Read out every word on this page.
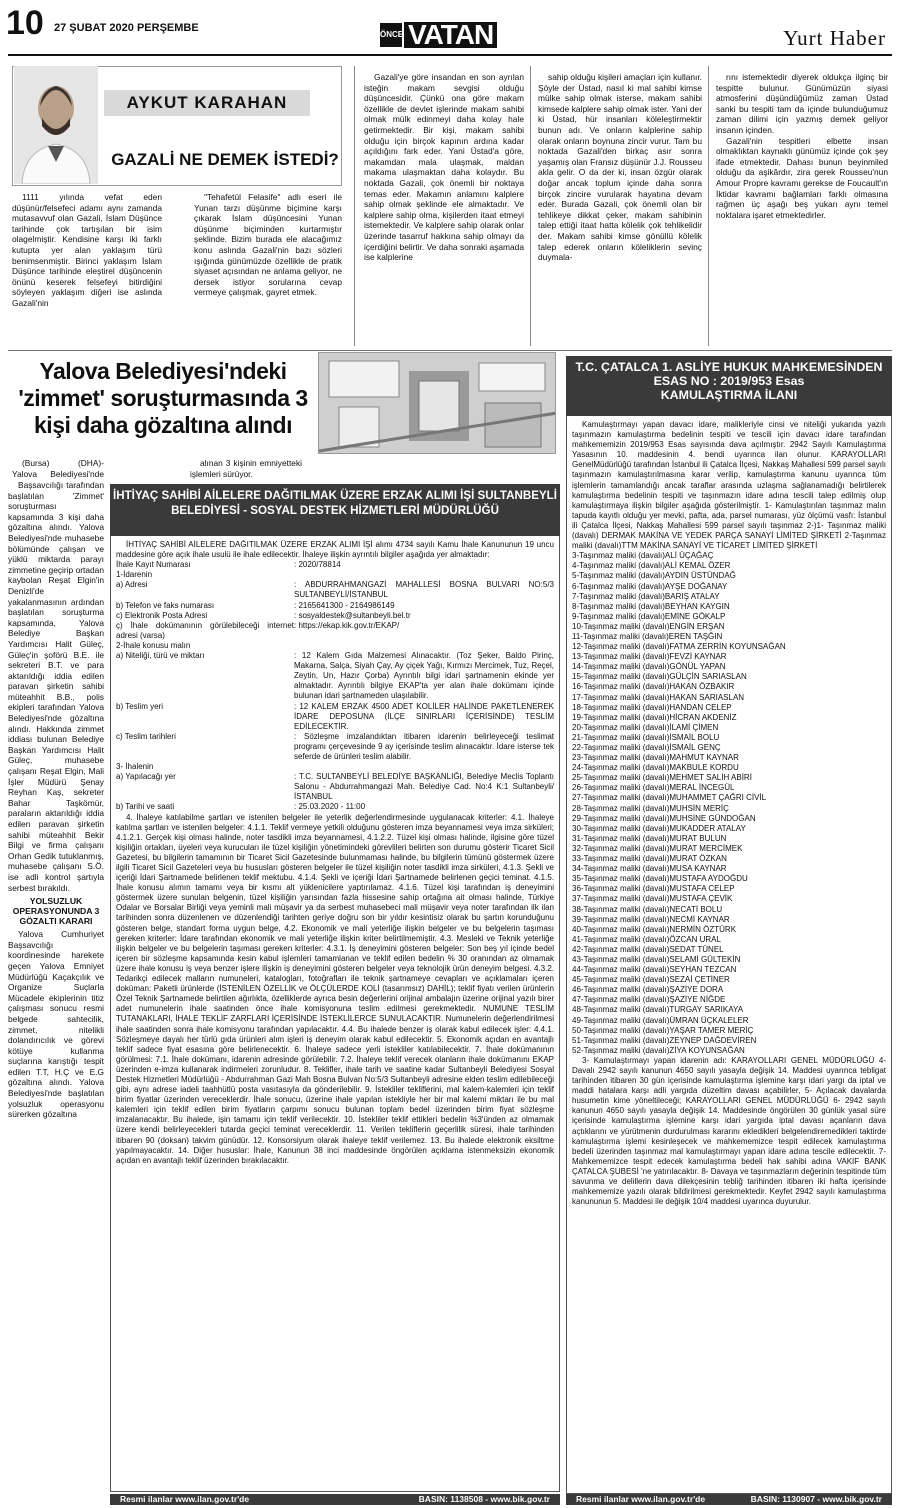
10 27 ŞUBAT 2020 PERŞEMBE
ÖNCE VATAN	Yurt Haber
AYKUT KARAHAN
GAZALİ NE DEMEK İSTEDİ?

1111 yılında vefat eden düşünür/felsefeci adamı aynı zamanda mutasavvuf olan Gazali, İslam Düşünce tarihinde çok tartışılan bir isim olagelmiştir. Kendisine karşı iki farklı kutupta yer alan yaklaşım türü benimsenmiştir. Birinci yaklaşım İslam Düşünce tarihinde eleştirel düşüncenin önünü keserek felsefeyi bitirdiğini söyleyen yaklaşım diğeri ise aslında Gazali'nin

"Tehafetül Felasife" adlı eseri ile Yunan tarzı düşünme biçimine karşı çıkarak İslam düşüncesini Yunan düşünme biçiminden kurtarmıştır şeklinde. Bizim burada ele alacağımız konu aslında Gazali'nin bazı sözleri ışığında günümüzde özellikle de pratik siyaset açısından ne anlama geliyor, ne dersek istiyor sorularına cevap vermeye çalışmak, gayret etmek.

Gazali'ye göre insandan en son ayrılan isteğin makam sevgisi olduğu düşüncesidir. Çünkü ona göre makam özellikle de devlet işlerinde makam sahibi olmak mülk edinmeyi daha kolay hale getirmektedir. Bir kişi, makam sahibi olduğu için birçok kapının ardına kadar açıldığını fark eder. Yani Üstad'a göre, makamdan mala ulaşmak, maldan makama ulaşmaktan daha kolaydır. Bu noktada Gazali, çok önemli bir noktaya temas eder. Makamın anlamını kalplere sahip olmak şeklinde ele almaktadır. Ve kalplere sahip olma, kişilerden itaat etmeyi istemektedir. Ve kalplere sahip olarak onlar üzerinde tasarruf hakkına sahip olmayı da içerdiğini belirtir. Ve daha sonraki aşamada ise kalplerine

sahip olduğu kişileri amaçları için kullanır. Şöyle der Üstad, nasıl ki mal sahibi kimse mülke sahip olmak isterse, makam sahibi kimsede kalplere sahip olmak ister. Yani der ki Üstad, hür insanları köleleştirmektir bunun adı. Ve onların kalplerine sahip olarak onların boynuna zincir vurur. Tam bu noktada Gazali'den birkaç asır sonra yaşamış olan Fransız düşünür J.J. Rousseu akla gelir. O da der ki, insan özgür olarak doğar ancak toplum içinde daha sonra birçok zincire vurularak hayatına devam eder. Burada Gazali, çok önemli olan bir tehlikeye dikkat çeker, makam sahibinin talep ettiği itaat hatta kölelik çok tehlikelidir der. Makam sahibi kimse gönüllü kölelik talep ederek onların köleliklerin sevinç duymala-

rını istemektedir diyerek oldukça ilginç bir tespitte bulunur. Günümüzün siyasi atmosferini düşündüğümüz zaman Üstad sanki bu tespiti tam da içinde bulunduğumuz zaman dilimi için yazmış demek geliyor insanın içinden.

Gazali'nin tespitleri elbette insan olmaklıktan kaynaklı günümüz içinde çok şey ifade etmektedir. Dahası bunun beyinmiled olduğu da aşikârdır, zira gerek Rousseu'nun Amour Propre kavramı gerekse de Foucault'ın İktidar kavramı bağlamları farklı olmasına rağmen üç aşağı beş yukarı aynı temel noktalara işaret etmektedirler.

Yalova Belediyesi'ndeki 'zimmet' soruşturmasında 3 kişi daha gözaltına alındı

(Bursa) (DHA)- Yalova Belediyesi'nde

alınan 3 kişinin emniyetteki işlemleri sürüyor.

Başsavcılığı tarafından başlatılan 'Zimmet' soruşturması kapsamında 3 kişi daha gözaltına alındı. Yalova Belediyesi'nde muhasebe bölümünde çalışan ve yüklü miktarda parayı zimmetine geçirip ortadan kaybolan Reşat Elgin'in Denizli'de yakalanmasının ardından başlatılan soruşturma kapsamında, Yalova Belediye Başkan Yardımcısı Halit Güleç, Güleç'in şoförü B.E. ile sekreteri B.T. ve para aktarıldığı iddia edilen paravan şirketin sahibi müteahhit B.B., polis ekipleri tarafından Yalova Belediyesi'nde gözaltına alındı. Hakkında zimmet iddiası bulunan Belediye Başkan Yardımcısı Halit Güleç, muhasebe çalışanı Reşat Elgin, Mali İşler Müdürü Şenay Reyhan Kaş, sekreter Bahar Taşkömür, paraların aktarıldığı iddia edilen paravan şirketin sahibi müteahhit Bekir Bilgi ve firma çalışanı Orhan Gedik tutuklanmış, muhasebe çalışanı S.Ö. ise adli kontrol şartıyla serbest bırakıldı.

YOLSUZLUK OPERASYONUNDA 3 GÖZALTI KARARI

Yalova Cumhuriyet Başsavcılığı koordinesinde harekete geçen Yalova Emniyet Müdürlüğü Kaçakçılık ve Organize Suçlarla Mücadele ekiplerinin titiz çalışması sonucu resmi belgede sahtecilik, zimmet, nitelikli dolandırıcılık ve görevi kötüye kullanma suçlarına karıştığı tespit edilen T.T, H.Ç ve E.G gözaltına alındı. Yalova Belediyesi'nde başlatılan yolsuzluk operasyonu sürerken gözaltına

İHTİYAÇ SAHİBİ AİLELERE DAĞITILMAK ÜZERE ERZAK ALIMI İŞİ SULTANBEYLİ BELEDİYESİ - SOSYAL DESTEK HİZMETLERİ MÜDÜRLÜĞÜ

İHTİYAÇ SAHİBİ AİLELERE DAĞITILMAK ÜZERE ERZAK ALIMI İŞİ alımı 4734 sayılı Kamu İhale Kanununun 19 uncu maddesine göre açık ihale usulü ile ihale edilecektir. İhaleye ilişkin ayrıntılı bilgiler aşağıda yer almaktadır:

İhale Kayıt Numarası	: 2020/78814
1-İdarenin
a) Adresi	: ABDURRAHMANGAZİ MAHALLESİ BOSNA BULVARI NO:5/3 SULTANBEYLİ/İSTANBUL
b) Telefon ve faks numarası	: 2165641300 - 2164986149
c) Elektronik Posta Adresi	: sosyaldestek@sultanbeyli.bel.tr
ç) İhale dokümanının görülebileceği internet adresi (varsa)
: https://ekap.kik.gov.tr/EKAP/
2-İhale konusu malın
a) Niteliği, türü ve miktarı	: 12 Kalem Gıda Malzemesi Alınacaktır. (Toz Şeker, Baldo Pirinç, Makarna, Salça, Siyah Çay, Ay çiçek Yağı, Kırmızı Mercimek, Tuz, Reçel, Zeytin, Un, Hazır Çorba) Ayrıntılı bilgi idari şartnamenin ekinde yer almaktadır. Ayrıntılı bilgiye EKAP'ta yer alan ihale dokümanı içinde bulunan idari şartnameden ulaşılabilir.
b) Teslim yeri	: 12 KALEM ERZAK 4500 ADET KOLİLER HALİNDE PAKETLENEREK İDARE DEPOSUNA (İLÇE SINIRLARI İÇERİSİNDE) TESLİM EDİLECEKTİR.
c) Teslim tarihleri	: Sözleşme imzalandıktan itibaren idarenin belirleyeceği teslimat programı çerçevesinde 9 ay içerisinde teslim alınacaktır. İdare isterse tek seferde de ürünleri teslim alabilir.
3- İhalenin
a) Yapılacağı yer	: T.C. SULTANBEYLİ BELEDİYE BAŞKANLIĞI, Belediye Meclis Toplantı Salonu - Abdurrahmangazi Mah. Belediye Cad. No:4 K:1 Sultanbeyli/İSTANBUL
b) Tarihi ve saati	: 25.03.2020 - 11:00

4. İhaleye katılabilme şartları ve istenilen belgeler ile yeterlik değerlendirmesinde uygulanacak kriterler: 4.1. İhaleye katılma şartları ve istenilen belgeler: 4.1.1. Teklif vermeye yetkili olduğunu gösteren imza beyannamesi veya imza sirküleri; 4.1.2.1. Gerçek kişi olması halinde, noter tasdikli imza beyannamesi, 4.1.2.2. Tüzel kişi olması halinde, ilgisine göre tüzel kişiliğin ortakları, üyeleri veya kurucuları ile tüzel kişiliğin yönetimindeki görevlileri belirten son durumu gösterir Ticaret Sicil Gazetesi, bu bilgilerin tamamının bir Ticaret Sicil Gazetesinde bulunmaması halinde, bu bilgilerin tümünü göstermek üzere ilgili Ticaret Sicil Gazeteleri veya bu hususları gösteren belgeler ile tüzel kişiliğin noter tasdikli imza sirküleri, 4.1.3. Şekli ve içeriği İdari Şartnamede belirlenen teklif mektubu. 4.1.4. Şekli ve içeriği İdari Şartnamede belirlenen geçici teminat. 4.1.5. İhale konusu alımın tamamı veya bir kısmı alt yüklenicilere yaptırılamaz. 4.1.6. Tüzel kişi tarafından iş deneyimini göstermek üzere sunulan belgenin, tüzel kişiliğin yarısından fazla hissesine sahip ortağına ait olması halinde, Türkiye Odalar ve Borsalar Birliği veya yeminli mali müşavir ya da serbest muhasebeci mali müşavir veya noter tarafından ilk ilan tarihinden sonra düzenlenen ve düzenlendiği tarihten geriye doğru son bir yıldır kesintisiz olarak bu şartın korunduğunu gösteren belge, standart forma uygun belge, 4.2. Ekonomik ve mali yeterliğe ilişkin belgeler ve bu belgelerin taşıması gereken kriterler: İdare tarafından ekonomik ve mali yeterliğe ilişkin kriter belirtilmemiştir. 4.3. Mesleki ve Teknik yeterliğe ilişkin belgeler ve bu belgelerin taşıması gereken kriterler: 4.3.1. İş deneyimini gösteren belgeler: Son beş yıl içinde bedel içeren bir sözleşme kapsamında kesin kabul işlemleri tamamlanan ve teklif edilen bedelin % 30 oranından az olmamak üzere ihale konusu iş veya benzer işlere ilişkin iş deneyimini gösteren belgeler veya teknolojik ürün deneyim belgesi. 4.3.2. Tedarikçi edilecek malların numuneleri, katalogları, fotoğrafları ile teknik şartnameye cevapları ve açıklamaları içeren doküman: Paketli ürünlerde (İSTENİLEN ÖZELLİK ve ÖLÇÜLERDE KOLİ (tasarımsız) DAHİL); teklif fiyatı verilen ürünlerin Özel Teknik Şartnamede belirtilen ağırlıkta, özelliklerde ayrıca besin değerlerini orijinal ambalajın üzerine orijinal yazılı birer adet numunelerin ihale saatinden önce ihale komisyonuna teslim edilmesi gerekmektedir. NUMUNE TESLİM TUTANAKLARI, İHALE TEKLİF ZARFLARI İÇERİSİNDE İSTEKLİLERCE SUNULACAKTIR. Numunelerin değerlendirilmesi ihale saatinden sonra ihale komisyonu tarafından yapılacaktır. 4.4. Bu ihalede benzer iş olarak kabul edilecek işler: 4.4.1. Sözleşmeye dayalı her türlü gıda ürünleri alım işleri iş deneyim olarak kabul edilecektir. 5. Ekonomik açıdan en avantajlı teklif sadece fiyat esasına göre belirlenecektir. 6. İhaleye sadece yerli istekliler katılabilecektir. 7. İhale dokümanının görülmesi: 7.1. İhale dokümanı, idarenin adresinde görülebilir. 7.2. İhaleye teklif verecek olanların ihale dokümanını EKAP üzerinden e-imza kullanarak indirmeleri zorunludur. 8. Teklifler, ihale tarih ve saatine kadar Sultanbeyli Belediyesi Sosyal Destek Hizmetleri Müdürlüğü - Abdurrahman Gazi Mah Bosna Bulvan No:5/3 Sultanbeyli adresine elden teslim edilebileceği gibi, aynı adrese iadeli taahhütlü posta vasıtasıyla da gönderilebilir. 9. İstekliler tekliflerini, mal kalem-kalemleri için teklif birim fiyatlar üzerinden vereceklerdir. İhale sonucu, üzerine ihale yapılan istekliyle her bir mal kalemi miktarı ile bu mal kalemleri için teklif edilen birim fiyatların çarpımı sonucu bulunan toplam bedel üzerinden birim fiyat sözleşme imzalanacaktır. Bu ihalede, işin tamamı için teklif verilecektir. 10. İstekliler teklif ettikleri bedelin %3'ünden az olmamak üzere kendi belirleyecekleri tutarda geçici teminat vereceklerdir. 11. Verilen tekliflerin geçerlilik süresi, ihale tarihinden itibaren 90 (doksan) takvim günüdür. 12. Konsorsiyum olarak ihaleye teklif verilemez. 13. Bu ihalede elektronik eksiltme yapılmayacaktır. 14. Diğer hususlar: İhale, Kanunun 38 inci maddesinde öngörülen açıklama istenmeksizin ekonomik açıdan en avantajlı teklif üzerinden bırakılacaktır.

Resmi ilanlar www.ilan.gov.tr'de	BASIN: 1138508 - www.bik.gov.tr
T.C. ÇATALCA 1. ASLİYE HUKUK MAHKEMESİNDEN
ESAS NO : 2019/953 Esas
KAMULAŞTIRMA İLANI

Kamulaştırmayı yapan davacı idare, malikleriyle cinsi ve niteliği yukarıda yazılı taşınmazın kamulaştırma bedelinin tespiti ve tescili için davacı idare tarafından mahkememizin 2019/953 Esas sayısında dava açılmıştır. 2942 Sayılı Kamulaştırma Yasasının 10. maddesinin 4. bendi uyarınca ilan olunur. KARAYOLLARI GenelMüdürlüğü tarafından İstanbul ili Çatalca İlçesi, Nakkaş Mahallesi 599 parsel sayılı taşınmazın kamulaştırılmasına karar verilip, kamulaştırma kanunu uyarınca tüm işlemlerin tamamlandığı ancak taraflar arasında uzlaşma sağlanamadığı belirtilerek kamulaştırma bedelinin tespiti ve taşınmazın idare adına tescili talep edilmiş olup kamulaştırmaya ilişkin bilgiler aşağıda gösterilmiştir. 1- Kamulaştırılan taşınmaz malın tapuda kayıtlı olduğu yer mevki, pafta, ada, parsel numarası, yüz ölçümü vasfı: İstanbul ili Çatalca İlçesi, Nakkaş Mahallesi 599 parsel sayılı taşınmaz 2-)1- Taşınmaz maliki (davalı) DERMAK MAKİNA VE YEDEK PARÇA SANAYİ LİMİTED ŞİRKETİ 2-Taşınmaz maliki (davalı)TTM MAKİNA SANAYİ VE TİCARET LİMİTED ŞİRKETİ

3-Taşınmaz maliki (davalı)ALİ ÜÇAĞAÇ
4-Taşınmaz maliki (davalı)ALİ KEMAL ÖZER
5-Taşınmaz maliki (davalı)AYDIN ÜSTÜNDAĞ
6-Taşınmaz maliki (davalı)AYŞE DOĞANAY
7-Taşınmaz maliki (davalı)BARIŞ ATALAY
8-Taşınmaz maliki (davalı)BEYHAN KAYGIN
9-Taşınmaz maliki (davalı)EMİNE GÖKALP
10-Taşınmaz maliki (davalı)ENGİN ERŞAN
11-Taşınmaz maliki (davalı)EREN TAŞĞIN
12-Taşınmaz maliki (davalı)FATMA ZERRİN KOYUNSAĞAN
13-Taşınmaz maliki (davalı)FEVZİ KAYNAR
14-Taşınmaz maliki (davalı)GÖNÜL YAPAN
15-Taşınmaz maliki (davalı)GÜLÇİN SARIASLAN
16-Taşınmaz maliki (davalı)HAKAN ÖZBAKIR
17-Taşınmaz maliki (davalı)HAKAN SARIASLAN
18-Taşınmaz maliki (davalı)HANDAN CELEP
19-Taşınmaz maliki (davalı)HİCRAN AKDENİZ
20-Taşınmaz maliki (davalı)İLAMİ ÇİMEN
21-Taşınmaz maliki (davalı)İSMAİL BOLU
22-Taşınmaz maliki (davalı)İSMAİL GENÇ
23-Taşınmaz maliki (davalı)MAHMUT KAYNAR
24-Taşınmaz maliki (davalı)MAKBULE KORDU
25-Taşınmaz maliki (davalı)MEHMET SALİH ABİRİ
26-Taşınmaz maliki (davalı)MERAL İNCEGÜL
27-Taşınmaz maliki (davalı)MUHAMMET ÇAĞRI CİVİL
28-Taşınmaz maliki (davalı)MUHSİN MERİÇ
29-Taşınmaz maliki (davalı)MUHSİNE GÜNDOĞAN
30-Taşınmaz maliki (davalı)MUKADDER ATALAY
31-Taşınmaz maliki (davalı)MURAT BULUN
32-Taşınmaz maliki (davalı)MURAT MERCİMEK
33-Taşınmaz maliki (davalı)MURAT ÖZKAN
34-Taşınmaz maliki (davalı)MUSA KAYNAR
35-Taşınmaz maliki (davalı)MUSTAFA AYDOĞDU
36-Taşınmaz maliki (davalı)MUSTAFA CELEP
37-Taşınmaz maliki (davalı)MUSTAFA ÇEVİK
38-Taşınmaz maliki (davalı)NECATİ BOLU
39-Taşınmaz maliki (davalı)NECMİ KAYNAR
40-Taşınmaz maliki (davalı)NERMİN ÖZTÜRK
41-Taşınmaz maliki (davalı)ÖZCAN URAL
42-Taşınmaz maliki (davalı)SEDAT TÜNEL
43-Taşınmaz maliki (davalı)SELAMİ GÜLTEKİN
44-Taşınmaz maliki (davalı)SEYHAN TEZCAN
45-Taşınmaz maliki (davalı)SEZAİ ÇETİNER
46-Taşınmaz maliki (davalı)ŞAZİYE DORA
47-Taşınmaz maliki (davalı)ŞAZİYE NİĞDE
48-Taşınmaz maliki (davalı)TURGAY SARIKAYA
49-Taşınmaz maliki (davalı)ÜMRAN ÜÇKALELER
50-Taşınmaz maliki (davalı)YAŞAR TAMER MERİÇ
51-Taşınmaz maliki (davalı)ZEYNEP DAĞDEVİREN
52-Taşınmaz maliki (davalı)ZİYA KOYUNSAĞAN

3- Kamulaştırmayı yapan idarenin adı: KARAYOLLARI GENEL MÜDÜRLÜĞÜ 4- Davalı 2942 sayılı kanunun 4650 sayılı yasayla değişik 14. Maddesi uyarınca tebligat tarihinden itibaren 30 gün içerisinde kamulaştırma işlemine karşı idari yargı da iptal ve maddi hatalara karşı adli yargıda düzeltim davası açabilirler, 5- Açılacak davalarda husumetin kime yöneltileceği; KARAYOLLARI GENEL MÜDÜRLÜĞÜ 6- 2942 sayılı kanunun 4650 sayılı yasayla değişik 14. Maddesinde öngörülen 30 günlük yasal süre içerisinde kamulaştırma işlemine karşı idari yargıda iptal davası açanların dava açtıklarını ve yürütmenin durdurulması kararını ekledikleri belgelendiremedikleri taktirde kamulaştırma işlemi kesinleşecek ve mahkememizce tespit edilecek kamulaştırma bedeli üzerinden taşınmaz mal kamulaştırmayı yapan idare adına tescile edilecektir. 7- Mahkememizce tespit edecek kamulaştırma bedeli hak sahibi adına VAKIF BANK ÇATALCA ŞUBESİ 'ne yatırılacaktır. 8- Davaya ve taşınmazların değerinin tespitinde tüm savunma ve delillerin dava dilekçesinin tebliğ tarihinden itibaren iki hafta içerisinde mahkememize yazılı olarak bildirilmesi gerekmektedir. Keyfet 2942 sayılı kamulaştırma kanununun 5. Maddesi ile değişik 10/4 maddesi uyarınca duyurulur.

Resmi ilanlar www.ilan.gov.tr'de	BASIN: 1130907 - www.bik.gov.tr
